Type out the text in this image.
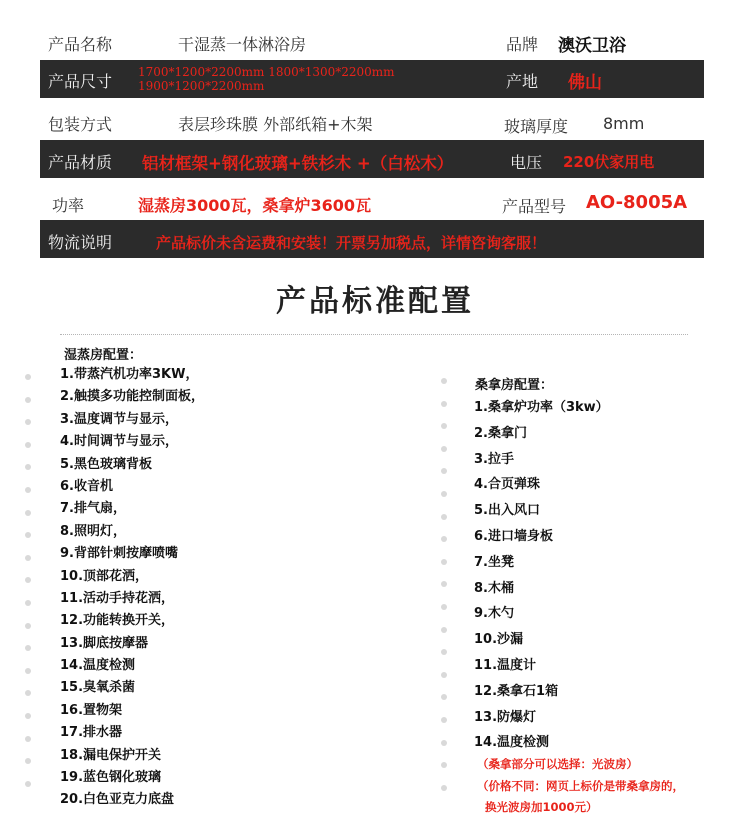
产品名称	干湿蒸一体淋浴房	品牌 澳沃卫浴
产品尺寸 1700*1200*2200mm 1800*1300*2200mm
1900*1200*2200mm	产地 佛山
包装方式	表层珍珠膜 外部纸箱+木架	玻璃厚度 8mm
产品材质 铝材框架+钢化玻璃+铁杉木 +（白松木）	电压 220伏家用电
功率	湿蒸房3000瓦，桑拿炉3600瓦	产品型号 AO-8005A
物流说明	产品标价未含运费和安装！开票另加税点，详情咨询客服！
产品标准配置
湿蒸房配置：
1.带蒸汽机功率3KW，
2.触摸多功能控制面板，
3.温度调节与显示，
4.时间调节与显示，
5.黑色玻璃背板
6.收音机
7.排气扇，
8.照明灯，
9.背部针刺按摩喷嘴
10.顶部花洒，
11.活动手持花洒，
12.功能转换开关，
13.脚底按摩器
14.温度检测
15.臭氧杀菌
16.置物架
17.排水器
18.漏电保护开关
19.蓝色钢化玻璃
20.白色亚克力底盘
桑拿房配置：
1.桑拿炉功率（3kw）
2.桑拿门
3.拉手
4.合页弹珠
5.出入风口
6.进口墙身板
7.坐凳
8.木桶
9.木勺
10.沙漏
11.温度计
12.桑拿石1箱
13.防爆灯
14.温度检测
（桑拿部分可以选择：光波房）
（价格不同：网页上标价是带桑拿房的，
换光波房加1000元）
